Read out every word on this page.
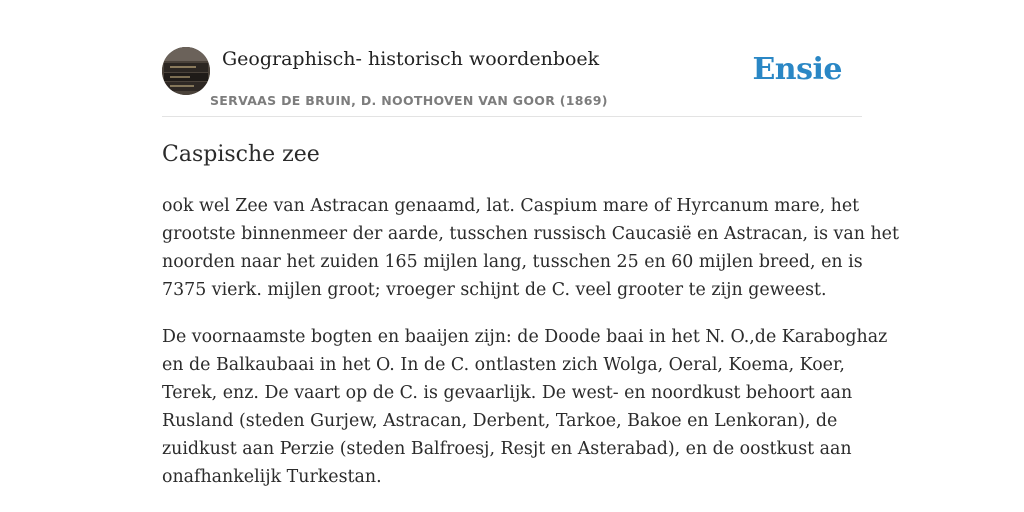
Geographisch- historisch woordenboek
SERVAAS DE BRUIN, D. NOOTHOVEN VAN GOOR (1869)
Ensie
Caspische zee

ook wel Zee van Astracan genaamd, lat. Caspium mare of Hyrcanum mare, het
grootste binnenmeer der aarde, tusschen russisch Caucasië en Astracan, is van het
noorden naar het zuiden 165 mijlen lang, tusschen 25 en 60 mijlen breed, en is
7375 vierk. mijlen groot; vroeger schijnt de C. veel grooter te zijn geweest.

De voornaamste bogten en baaijen zijn: de Doode baai in het N. O.,de Karaboghaz
en de Balkaubaai in het O. In de C. ontlasten zich Wolga, Oeral, Koema, Koer,
Terek, enz. De vaart op de C. is gevaarlijk. De west- en noordkust behoort aan
Rusland (steden Gurjew, Astracan, Derbent, Tarkoe, Bakoe en Lenkoran), de
zuidkust aan Perzie (steden Balfroesj, Resjt en Asterabad), en de oostkust aan
onafhankelijk Turkestan.
